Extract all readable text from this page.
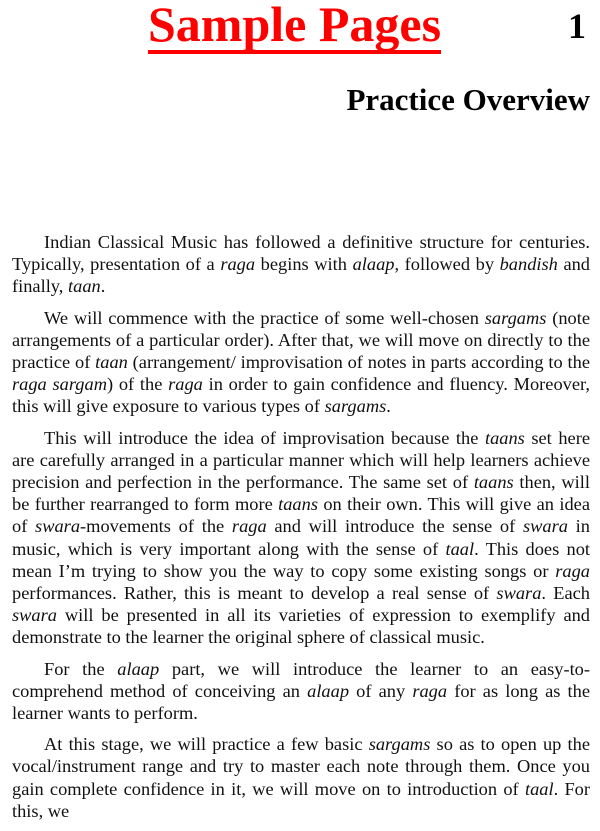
Sample Pages	1
Practice Overview

Indian Classical Music has followed a definitive structure for centuries. Typically, presentation of a raga begins with alaap, followed by bandish and finally, taan.

We will commence with the practice of some well-chosen sargams (note arrangements of a particular order). After that, we will move on directly to the practice of taan (arrangement/ improvisation of notes in parts according to the raga sargam) of the raga in order to gain confidence and fluency. Moreover, this will give exposure to various types of sargams.

This will introduce the idea of improvisation because the taans set here are carefully arranged in a particular manner which will help learners achieve precision and perfection in the performance. The same set of taans then, will be further rearranged to form more taans on their own. This will give an idea of swara-movements of the raga and will introduce the sense of swara in music, which is very important along with the sense of taal. This does not mean I’m trying to show you the way to copy some existing songs or raga performances. Rather, this is meant to develop a real sense of swara. Each swara will be presented in all its varieties of expression to exemplify and demonstrate to the learner the original sphere of classical music.

For the alaap part, we will introduce the learner to an easy-to-comprehend method of conceiving an alaap of any raga for as long as the learner wants to perform.

At this stage, we will practice a few basic sargams so as to open up the vocal/instrument range and try to master each note through them. Once you gain complete confidence in it, we will move on to introduction of taal. For this, we
